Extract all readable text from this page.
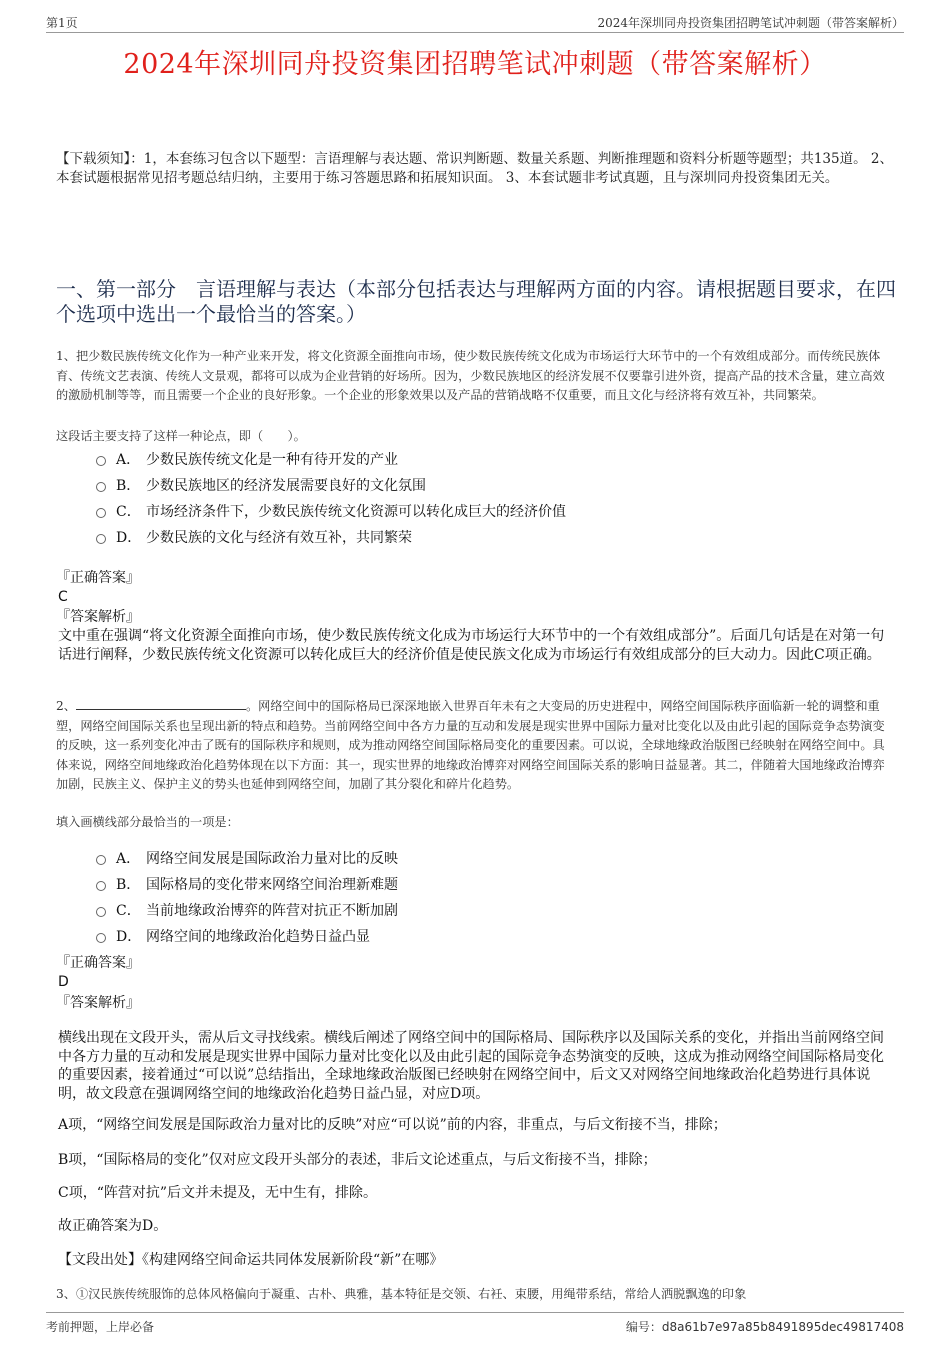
第1页	2024年深圳同舟投资集团招聘笔试冲刺题（带答案解析）
2024年深圳同舟投资集团招聘笔试冲刺题（带答案解析）
【下载须知】：1，本套练习包含以下题型：言语理解与表达题、常识判断题、数量关系题、判断推理题和资料分析题等题型；共135道。 2、本套试题根据常见招考题总结归纳，主要用于练习答题思路和拓展知识面。 3、本套试题非考试真题，且与深圳同舟投资集团无关。
一、第一部分　言语理解与表达（本部分包括表达与理解两方面的内容。请根据题目要求，在四个选项中选出一个最恰当的答案。）
1、把少数民族传统文化作为一种产业来开发，将文化资源全面推向市场，使少数民族传统文化成为市场运行大环节中的一个有效组成部分。而传统民族体育、传统文艺表演、传统人文景观，都将可以成为企业营销的好场所。因为，少数民族地区的经济发展不仅要靠引进外资，提高产品的技术含量，建立高效的激励机制等等，而且需要一个企业的良好形象。一个企业的形象效果以及产品的营销战略不仅重要，而且文化与经济将有效互补，共同繁荣。
这段话主要支持了这样一种论点，即（　　）。
A． 少数民族传统文化是一种有待开发的产业
B． 少数民族地区的经济发展需要良好的文化氛围
C． 市场经济条件下，少数民族传统文化资源可以转化成巨大的经济价值
D． 少数民族的文化与经济有效互补，共同繁荣
『正确答案』
C
『答案解析』
文中重在强调“将文化资源全面推向市场，使少数民族传统文化成为市场运行大环节中的一个有效组成部分”。后面几句话是在对第一句话进行阐释，少数民族传统文化资源可以转化成巨大的经济价值是使民族文化成为市场运行有效组成部分的巨大动力。因此C项正确。
2、	。网络空间中的国际格局已深深地嵌入世界百年未有之大变局的历史进程中，网络空间国际秩序面临新一轮的调整和重塑，网络空间国际关系也呈现出新的特点和趋势。当前网络空间中各方力量的互动和发展是现实世界中国际力量对比变化以及由此引起的国际竞争态势演变的反映，这一系列变化冲击了既有的国际秩序和规则，成为推动网络空间国际格局变化的重要因素。可以说，全球地缘政治版图已经映射在网络空间中。具体来说，网络空间地缘政治化趋势体现在以下方面：其一，现实世界的地缘政治博弈对网络空间国际关系的影响日益显著。其二，伴随着大国地缘政治博弈加剧，民族主义、保护主义的势头也延伸到网络空间，加剧了其分裂化和碎片化趋势。
填入画横线部分最恰当的一项是：
A． 网络空间发展是国际政治力量对比的反映
B． 国际格局的变化带来网络空间治理新难题
C． 当前地缘政治博弈的阵营对抗正不断加剧
D． 网络空间的地缘政治化趋势日益凸显
『正确答案』
D
『答案解析』
横线出现在文段开头，需从后文寻找线索。横线后阐述了网络空间中的国际格局、国际秩序以及国际关系的变化，并指出当前网络空间中各方力量的互动和发展是现实世界中国际力量对比变化以及由此引起的国际竞争态势演变的反映，这成为推动网络空间国际格局变化的重要因素，接着通过“可以说”总结指出，全球地缘政治版图已经映射在网络空间中，后文又对网络空间地缘政治化趋势进行具体说明，故文段意在强调网络空间的地缘政治化趋势日益凸显，对应D项。
A项，“网络空间发展是国际政治力量对比的反映”对应“可以说”前的内容，非重点，与后文衔接不当，排除；
B项，“国际格局的变化”仅对应文段开头部分的表述，非后文论述重点，与后文衔接不当，排除；
C项，“阵营对抗”后文并未提及，无中生有，排除。
故正确答案为D。
【文段出处】《构建网络空间命运共同体发展新阶段“新”在哪》
3、①汉民族传统服饰的总体风格偏向于凝重、古朴、典雅，基本特征是交领、右衽、束腰，用绳带系结，常给人洒脱飘逸的印象
考前押题，上岸必备	编号：d8a61b7e97a85b8491895dec49817408
